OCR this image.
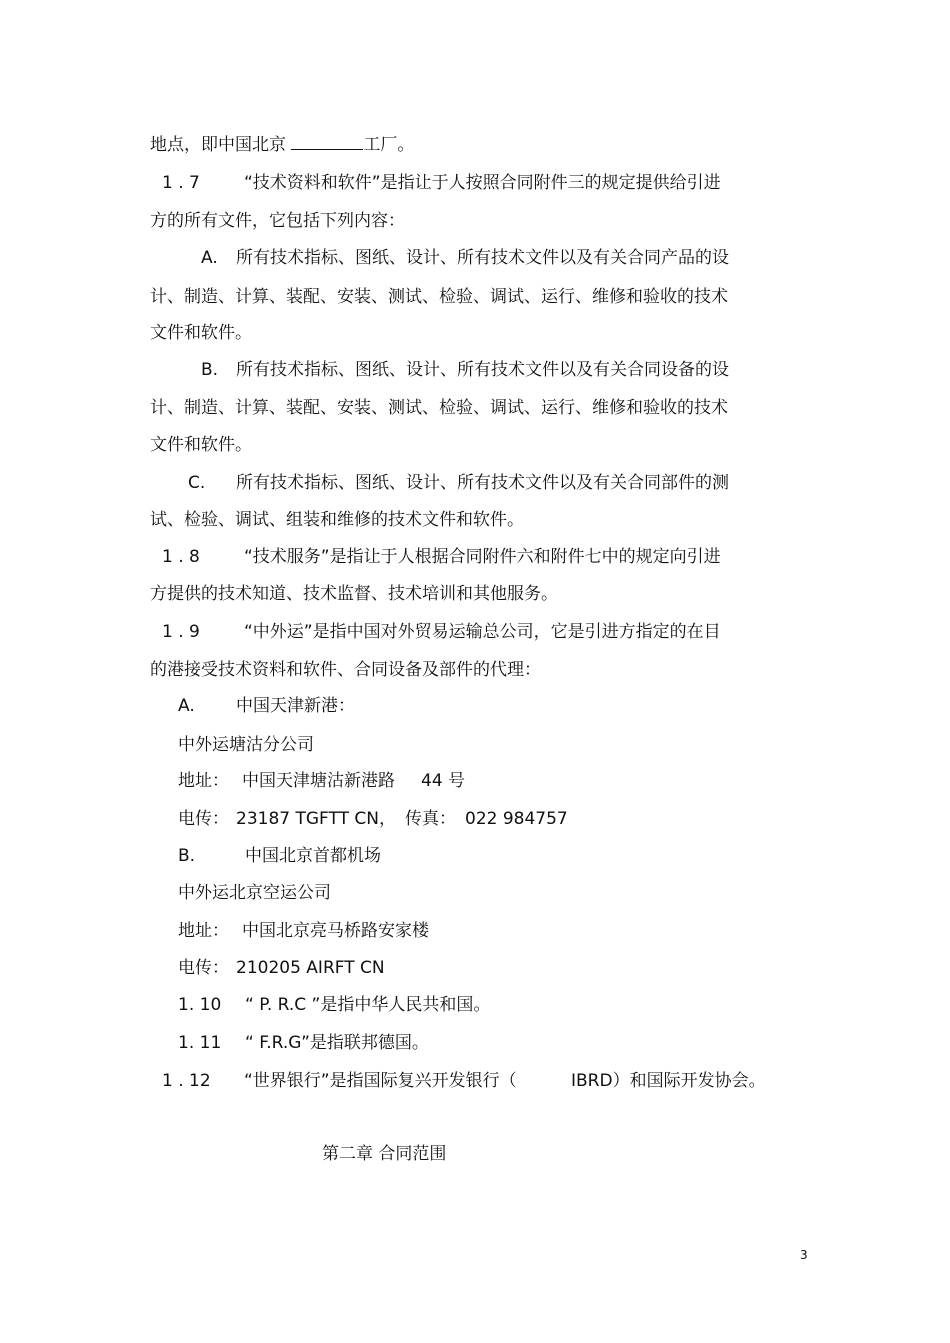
地点，即中国北京	工厂。
1 . 7	“技术资料和软件”是指让于人按照合同附件三的规定提供给引进
方的所有文件，它包括下列内容：
A. 所有技术指标、图纸、设计、所有技术文件以及有关合同产品的设
计、制造、计算、装配、安装、测试、检验、调试、运行、维修和验收的技术
文件和软件。
B. 所有技术指标、图纸、设计、所有技术文件以及有关合同设备的设
计、制造、计算、装配、安装、测试、检验、调试、运行、维修和验收的技术
文件和软件。
C. 所有技术指标、图纸、设计、所有技术文件以及有关合同部件的测
试、检验、调试、组装和维修的技术文件和软件。
1 . 8	“技术服务”是指让于人根据合同附件六和附件七中的规定向引进
方提供的技术知道、技术监督、技术培训和其他服务。
1 . 9	“中外运”是指中国对外贸易运输总公司，它是引进方指定的在目
的港接受技术资料和软件、合同设备及部件的代理：
A. 中国天津新港：
中外运塘沽分公司
地址： 中国天津塘沽新港路 44 号
电传： 23187 TGFTT CN， 传真： 022 984757
B.	中国北京首都机场
中外运北京空运公司
地址： 中国北京亮马桥路安家楼
电传： 210205 AIRFT CN
1. 10 “ P. R.C ”是指中华人民共和国。
1. 11 “ F.R.G”是指联邦德国。
1 . 12 “世界银行”是指国际复兴开发银行（	IBRD）和国际开发协会。
第二章 合同范围
3
